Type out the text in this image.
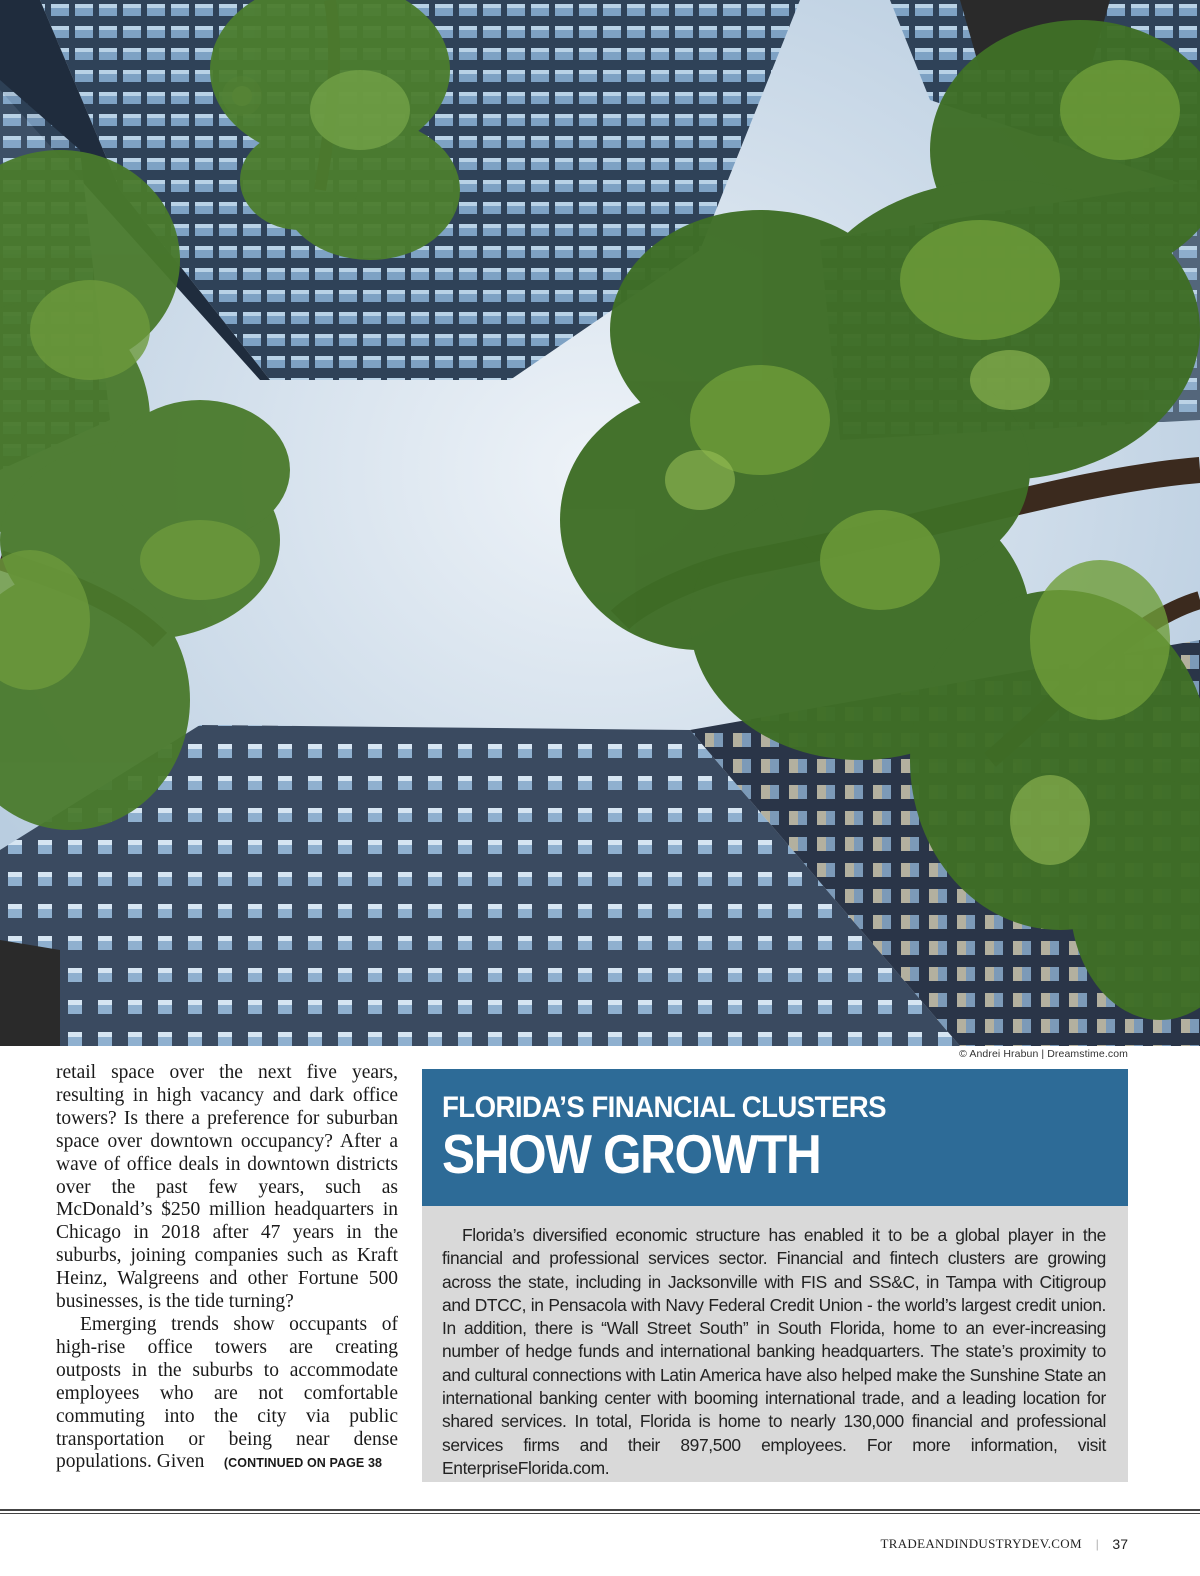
© Andrei Hrabun | Dreamstime.com

retail space over the next five years, resulting in high vacancy and dark office towers? Is there a preference for suburban space over downtown occupancy? After a wave of office deals in downtown districts over the past few years, such as McDonald’s $250 million headquarters in Chicago in 2018 after 47 years in the suburbs, joining companies such as Kraft Heinz, Walgreens and other Fortune 500 businesses, is the tide turning?

Emerging trends show occupants of high-rise office towers are creating outposts in the suburbs to accommodate employees who are not comfortable commuting into the city via public transportation or being near dense populations. Given (CONTINUED ON PAGE 38

FLORIDA’S FINANCIAL CLUSTERS
SHOW GROWTH
Florida’s diversified economic structure has enabled it to be a global player in the financial and professional services sector. Financial and fintech clusters are growing across the state, including in Jacksonville with FIS and SS&C, in Tampa with Citigroup and DTCC, in Pensacola with Navy Federal Credit Union - the world’s largest credit union. In addition, there is “Wall Street South” in South Florida, home to an ever-increasing number of hedge funds and international banking headquarters. The state’s proximity to and cultural connections with Latin America have also helped make the Sunshine State an international banking center with booming international trade, and a leading location for shared services. In total, Florida is home to nearly 130,000 financial and professional services firms and their 897,500 employees. For more information, visit EnterpriseFlorida.com.
TRADEANDINDUSTRYDEV.COM | 37
